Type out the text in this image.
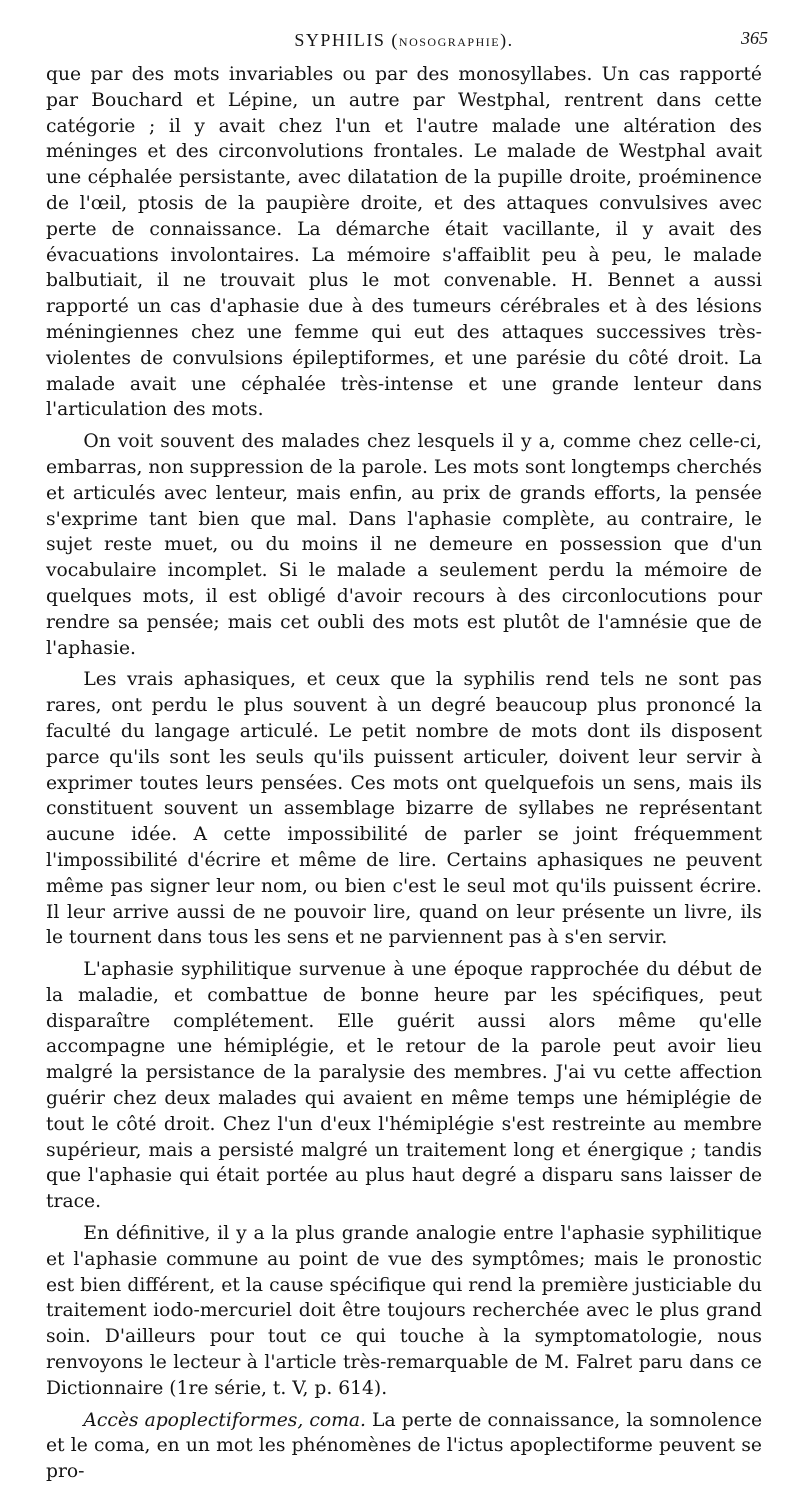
SYPHILIS (NOSOGRAPHIE).	365

que par des mots invariables ou par des monosyllabes. Un cas rapporté par Bouchard et Lépine, un autre par Westphal, rentrent dans cette catégorie ; il y avait chez l'un et l'autre malade une altération des méninges et des circonvolutions frontales. Le malade de Westphal avait une céphalée persistante, avec dilatation de la pupille droite, proéminence de l'œil, ptosis de la paupière droite, et des attaques convulsives avec perte de connaissance. La démarche était vacillante, il y avait des évacuations involontaires. La mémoire s'affaiblit peu à peu, le malade balbutiait, il ne trouvait plus le mot convenable. H. Bennet a aussi rapporté un cas d'aphasie due à des tumeurs cérébrales et à des lésions méningiennes chez une femme qui eut des attaques successives très-violentes de convulsions épileptiformes, et une parésie du côté droit. La malade avait une céphalée très-intense et une grande lenteur dans l'articulation des mots.

On voit souvent des malades chez lesquels il y a, comme chez celle-ci, embarras, non suppression de la parole. Les mots sont longtemps cherchés et articulés avec lenteur, mais enfin, au prix de grands efforts, la pensée s'exprime tant bien que mal. Dans l'aphasie complète, au contraire, le sujet reste muet, ou du moins il ne demeure en possession que d'un vocabulaire incomplet. Si le malade a seulement perdu la mémoire de quelques mots, il est obligé d'avoir recours à des circonlocutions pour rendre sa pensée; mais cet oubli des mots est plutôt de l'amnésie que de l'aphasie.

Les vrais aphasiques, et ceux que la syphilis rend tels ne sont pas rares, ont perdu le plus souvent à un degré beaucoup plus prononcé la faculté du langage articulé. Le petit nombre de mots dont ils disposent parce qu'ils sont les seuls qu'ils puissent articuler, doivent leur servir à exprimer toutes leurs pensées. Ces mots ont quelquefois un sens, mais ils constituent souvent un assemblage bizarre de syllabes ne représentant aucune idée. A cette impossibilité de parler se joint fréquemment l'impossibilité d'écrire et même de lire. Certains aphasiques ne peuvent même pas signer leur nom, ou bien c'est le seul mot qu'ils puissent écrire. Il leur arrive aussi de ne pouvoir lire, quand on leur présente un livre, ils le tournent dans tous les sens et ne parviennent pas à s'en servir.

L'aphasie syphilitique survenue à une époque rapprochée du début de la maladie, et combattue de bonne heure par les spécifiques, peut disparaître complétement. Elle guérit aussi alors même qu'elle accompagne une hémiplégie, et le retour de la parole peut avoir lieu malgré la persistance de la paralysie des membres. J'ai vu cette affection guérir chez deux malades qui avaient en même temps une hémiplégie de tout le côté droit. Chez l'un d'eux l'hémiplégie s'est restreinte au membre supérieur, mais a persisté malgré un traitement long et énergique ; tandis que l'aphasie qui était portée au plus haut degré a disparu sans laisser de trace.

En définitive, il y a la plus grande analogie entre l'aphasie syphilitique et l'aphasie commune au point de vue des symptômes; mais le pronostic est bien différent, et la cause spécifique qui rend la première justiciable du traitement iodo-mercuriel doit être toujours recherchée avec le plus grand soin. D'ailleurs pour tout ce qui touche à la symptomatologie, nous renvoyons le lecteur à l'article très-remarquable de M. Falret paru dans ce Dictionnaire (1re série, t. V, p. 614).

Accès apoplectiformes, coma. La perte de connaissance, la somnolence et le coma, en un mot les phénomènes de l'ictus apoplectiforme peuvent se pro-
